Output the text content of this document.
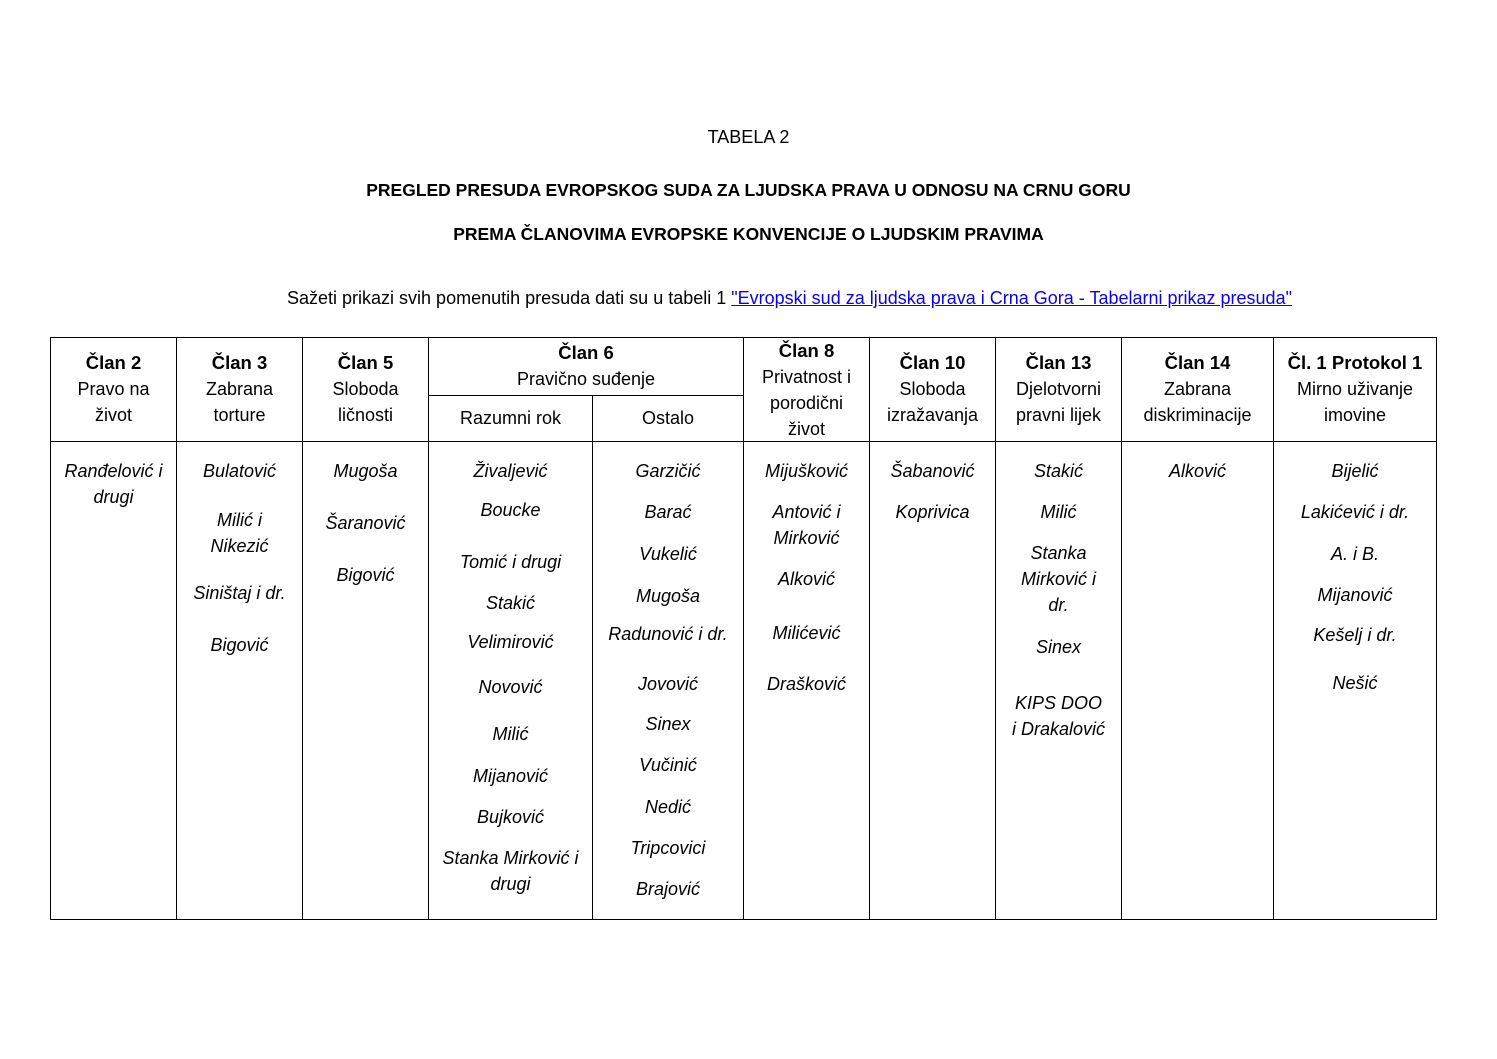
TABELA 2
PREGLED PRESUDA EVROPSKOG SUDA ZA LJUDSKA PRAVA U ODNOSU NA CRNU GORU
PREMA ČLANOVIMA EVROPSKE KONVENCIJE O LJUDSKIM PRAVIMA
Sažeti prikazi svih pomenutih presuda dati su u tabeli 1 "Evropski sud za ljudska prava i Crna Gora - Tabelarni prikaz presuda"
Član 2
Pravo na život
Član 3
Zabrana torture
Član 5
Sloboda ličnosti
Član 6
Pravično suđenje
Razumni rok	Ostalo
Član 8
Privatnost i porodični život
Član 10
Sloboda izražavanja
Član 13
Djelotvorni pravni lijek
Član 14
Zabrana diskriminacije
Čl. 1 Protokol 1
Mirno uživanje imovine
Ranđelović i drugi
Bulatović
Milić i Nikezić
Siništaj i dr.
Bigović
Mugoša
Šaranović
Bigović
Živaljević
Boucke
Tomić i drugi
Stakić
Velimirović
Novović
Milić
Mijanović
Bujković
Stanka Mirković i drugi
Garzičić
Barać
Vukelić
Mugoša
Radunović i dr.
Jovović
Sinex
Vučinić
Nedić
Tripcovici
Brajović
Mijušković
Antović i Mirković
Alković
Milićević
Drašković
Šabanović
Koprivica
Stakić
Milić
Stanka Mirković i dr.
Sinex
KIPS DOO i Drakalović
Alković	Bijelić
Lakićević i dr.
A. i B.
Mijanović
Kešelj i dr.
Nešić
